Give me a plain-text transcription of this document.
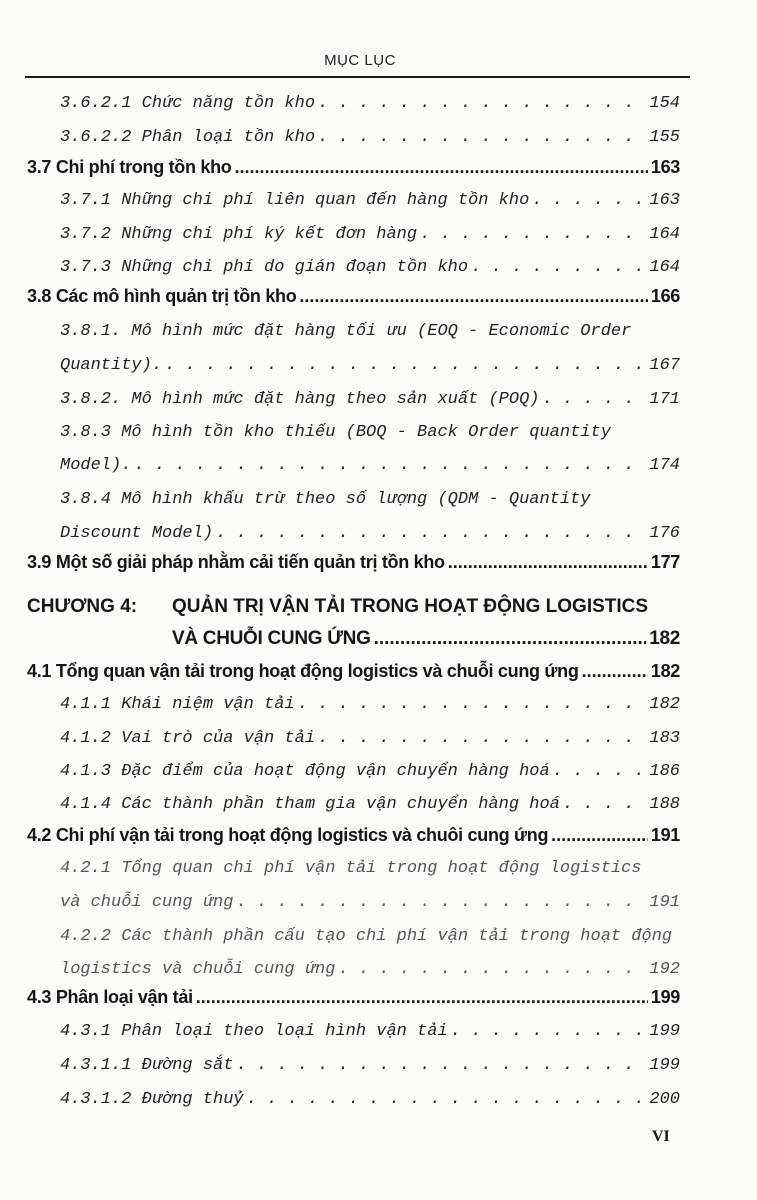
MỤC LỤC
3.6.2.1 Chức năng tồn kho . . .	154
3.6.2.2 Phân loại tồn kho . . .	155
3.7 Chi phí trong tồn kho .....	163
3.7.1 Những chi phí liên quan đến hàng tồn kho . . .	163
3.7.2 Những chi phí ký kết đơn hàng . . .	164
3.7.3 Những chi phí do gián đoạn tồn kho . . .	164
3.8 Các mô hình quản trị tồn kho .....	166
3.8.1. Mô hình mức đặt hàng tối ưu (EOQ - Economic Order
Quantity). . . .	167
3.8.2. Mô hình mức đặt hàng theo sản xuất (POQ) . . .	171
3.8.3 Mô hình tồn kho thiếu (BOQ - Back Order quantity
Model). . . .	174
3.8.4 Mô hình khấu trừ theo số lượng (QDM - Quantity
Discount Model) . . .	176
3.9 Một số giải pháp nhằm cải tiến quản trị tồn kho .....	177
CHƯƠNG 4: QUẢN TRỊ VẬN TẢI TRONG HOẠT ĐỘNG LOGISTICS
VÀ CHUỖI CUNG ỨNG .....	182
4.1 Tổng quan vận tải trong hoạt động logistics và chuỗi cung ứng .....	182
4.1.1 Khái niệm vận tải . . .	182
4.1.2 Vai trò của vận tải . . .	183
4.1.3 Đặc điểm của hoạt động vận chuyển hàng hoá . . .	186
4.1.4 Các thành phần tham gia vận chuyển hàng hoá . . .	188
4.2 Chi phí vận tải trong hoạt động logistics và chuôi cung ứng .....	191
4.2.1 Tổng quan chi phí vận tải trong hoạt động logistics
và chuỗi cung ứng . . .	191
4.2.2 Các thành phần cấu tạo chi phí vận tải trong hoạt động
logistics và chuỗi cung ứng . . .	192
4.3 Phân loại vận tải .....	199
4.3.1 Phân loại theo loại hình vận tải . . .	199
4.3.1.1 Đường sắt . . .	199
4.3.1.2 Đường thuỷ . . .	200
VI
